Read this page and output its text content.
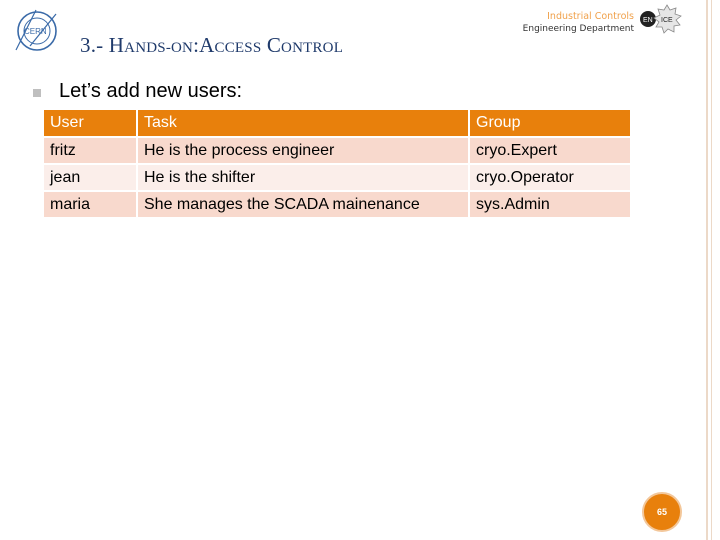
CERN
3.- HANDS-ON:ACCESS CONTROL
Industrial Controls
Engineering Department
EN ICE
Let’s add new users:
User	Task	Group
fritz	He is the process engineer	cryo.Expert
jean	He is the shifter	cryo.Operator
maria	She manages the SCADA mainenance	sys.Admin
65
